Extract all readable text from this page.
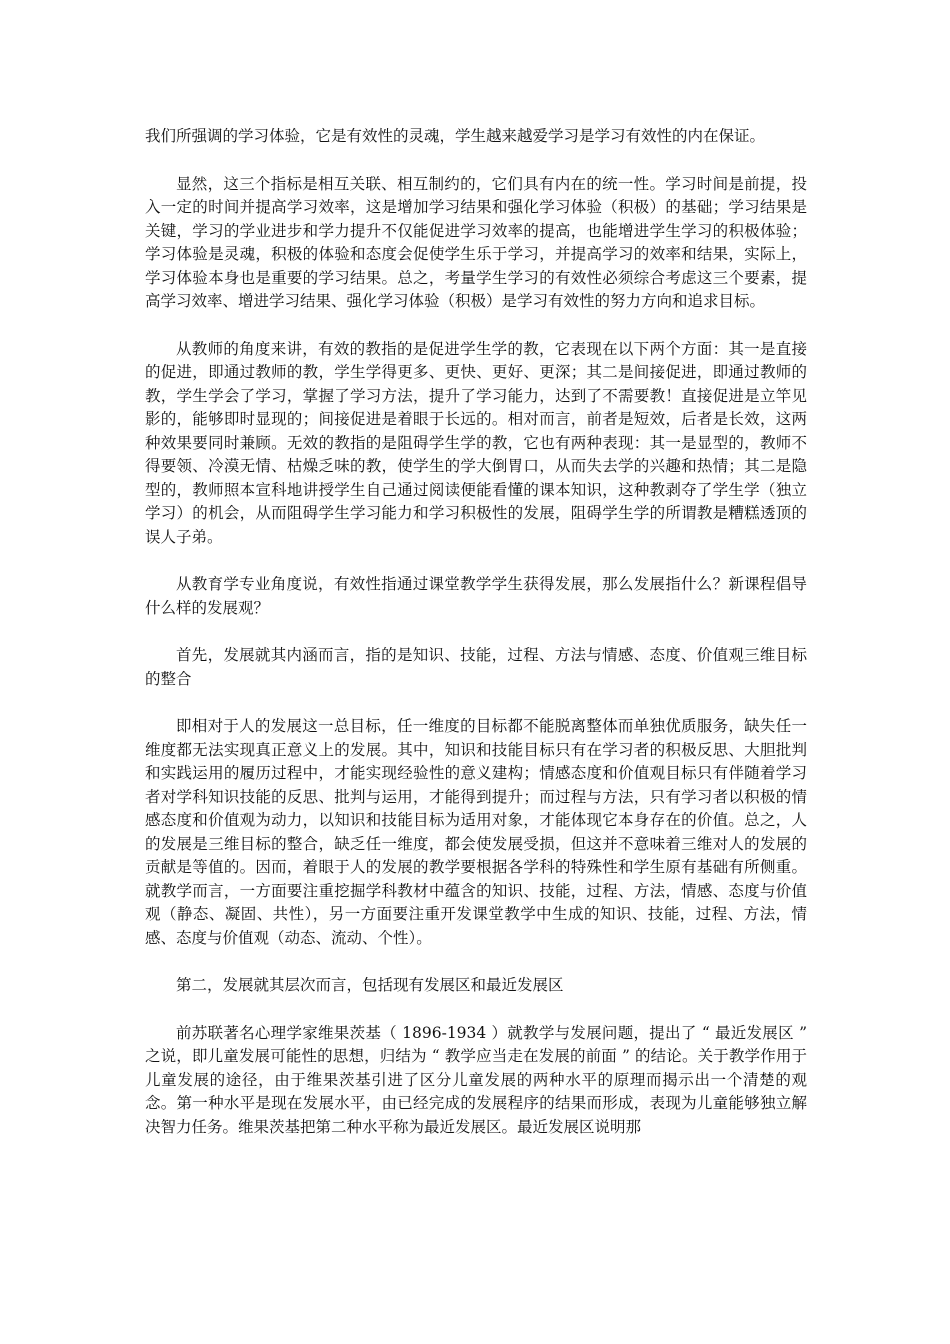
我们所强调的学习体验，它是有效性的灵魂，学生越来越爱学习是学习有效性的内在保证。

显然，这三个指标是相互关联、相互制约的，它们具有内在的统一性。学习时间是前提，投入一定的时间并提高学习效率，这是增加学习结果和强化学习体验（积极）的基础；学习结果是关键，学习的学业进步和学力提升不仅能促进学习效率的提高，也能增进学生学习的积极体验；学习体验是灵魂，积极的体验和态度会促使学生乐于学习，并提高学习的效率和结果，实际上，学习体验本身也是重要的学习结果。总之，考量学生学习的有效性必须综合考虑这三个要素，提高学习效率、增进学习结果、强化学习体验（积极）是学习有效性的努力方向和追求目标。

从教师的角度来讲，有效的教指的是促进学生学的教，它表现在以下两个方面：其一是直接的促进，即通过教师的教，学生学得更多、更快、更好、更深；其二是间接促进，即通过教师的教，学生学会了学习，掌握了学习方法，提升了学习能力，达到了不需要教！直接促进是立竿见影的，能够即时显现的；间接促进是着眼于长远的。相对而言，前者是短效，后者是长效，这两种效果要同时兼顾。无效的教指的是阻碍学生学的教，它也有两种表现：其一是显型的，教师不得要领、冷漠无情、枯燥乏味的教，使学生的学大倒胃口，从而失去学的兴趣和热情；其二是隐型的，教师照本宣科地讲授学生自己通过阅读便能看懂的课本知识，这种教剥夺了学生学（独立学习）的机会，从而阻碍学生学习能力和学习积极性的发展，阻碍学生学的所谓教是糟糕透顶的误人子弟。

从教育学专业角度说，有效性指通过课堂教学学生获得发展，那么发展指什么？新课程倡导什么样的发展观？

首先，发展就其内涵而言，指的是知识、技能，过程、方法与情感、态度、价值观三维目标的整合

即相对于人的发展这一总目标，任一维度的目标都不能脱离整体而单独优质服务，缺失任一维度都无法实现真正意义上的发展。其中，知识和技能目标只有在学习者的积极反思、大胆批判和实践运用的履历过程中，才能实现经验性的意义建构；情感态度和价值观目标只有伴随着学习者对学科知识技能的反思、批判与运用，才能得到提升；而过程与方法，只有学习者以积极的情感态度和价值观为动力，以知识和技能目标为适用对象，才能体现它本身存在的价值。总之，人的发展是三维目标的整合，缺乏任一维度，都会使发展受损，但这并不意味着三维对人的发展的贡献是等值的。因而，着眼于人的发展的教学要根据各学科的特殊性和学生原有基础有所侧重。就教学而言，一方面要注重挖掘学科教材中蕴含的知识、技能，过程、方法，情感、态度与价值观（静态、凝固、共性），另一方面要注重开发课堂教学中生成的知识、技能，过程、方法，情感、态度与价值观（动态、流动、个性）。

第二，发展就其层次而言，包括现有发展区和最近发展区

前苏联著名心理学家维果茨基（ 1896-1934 ）就教学与发展问题，提出了 “ 最近发展区 ” 之说，即儿童发展可能性的思想，归结为 “ 教学应当走在发展的前面 ” 的结论。关于教学作用于儿童发展的途径，由于维果茨基引进了区分儿童发展的两种水平的原理而揭示出一个清楚的观念。第一种水平是现在发展水平，由已经完成的发展程序的结果而形成，表现为儿童能够独立解决智力任务。维果茨基把第二种水平称为最近发展区。最近发展区说明那
